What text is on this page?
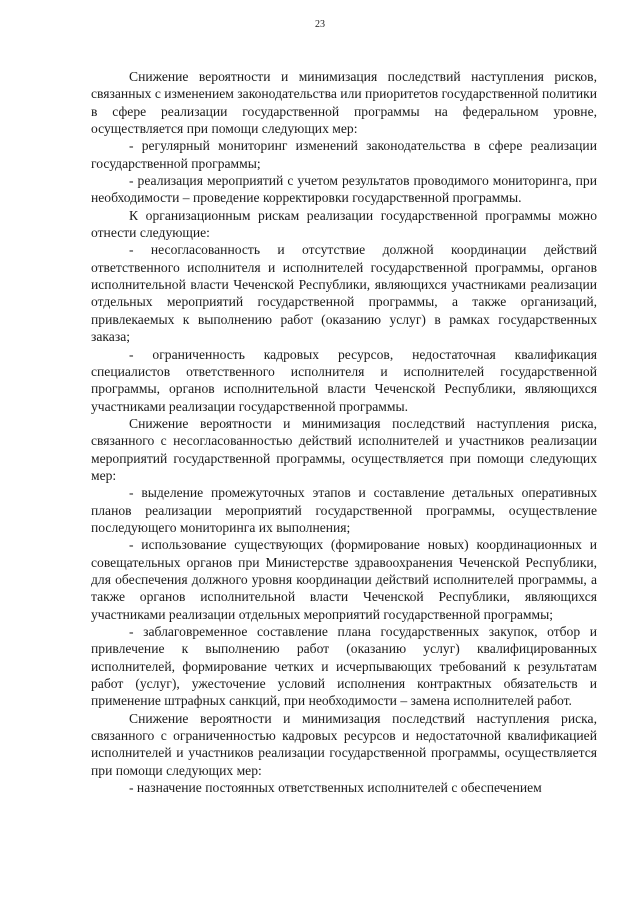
23

Снижение вероятности и минимизация последствий наступления рисков, связанных с изменением законодательства или приоритетов государственной политики в сфере реализации государственной программы на федеральном уровне, осуществляется при помощи следующих мер:

- регулярный мониторинг изменений законодательства в сфере реализации государственной программы;

- реализация мероприятий с учетом результатов проводимого мониторинга, при необходимости – проведение корректировки государственной программы.

К организационным рискам реализации государственной программы можно отнести следующие:

- несогласованность и отсутствие должной координации действий ответственного исполнителя и исполнителей государственной программы, органов исполнительной власти Чеченской Республики, являющихся участниками реализации отдельных мероприятий государственной программы, а также организаций, привлекаемых к выполнению работ (оказанию услуг) в рамках государственных заказа;

- ограниченность кадровых ресурсов, недостаточная квалификация специалистов ответственного исполнителя и исполнителей государственной программы, органов исполнительной власти Чеченской Республики, являющихся участниками реализации государственной программы.

Снижение вероятности и минимизация последствий наступления риска, связанного с несогласованностью действий исполнителей и участников реализации мероприятий государственной программы, осуществляется при помощи следующих мер:

- выделение промежуточных этапов и составление детальных оперативных планов реализации мероприятий государственной программы, осуществление последующего мониторинга их выполнения;

- использование существующих (формирование новых) координационных и совещательных органов при Министерстве здравоохранения Чеченской Республики, для обеспечения должного уровня координации действий исполнителей программы, а также органов исполнительной власти Чеченской Республики, являющихся участниками реализации отдельных мероприятий государственной программы;

- заблаговременное составление плана государственных закупок, отбор и привлечение к выполнению работ (оказанию услуг) квалифицированных исполнителей, формирование четких и исчерпывающих требований к результатам работ (услуг), ужесточение условий исполнения контрактных обязательств и применение штрафных санкций, при необходимости – замена исполнителей работ.

Снижение вероятности и минимизация последствий наступления риска, связанного с ограниченностью кадровых ресурсов и недостаточной квалификацией исполнителей и участников реализации государственной программы, осуществляется при помощи следующих мер:

- назначение постоянных ответственных исполнителей с обеспечением
